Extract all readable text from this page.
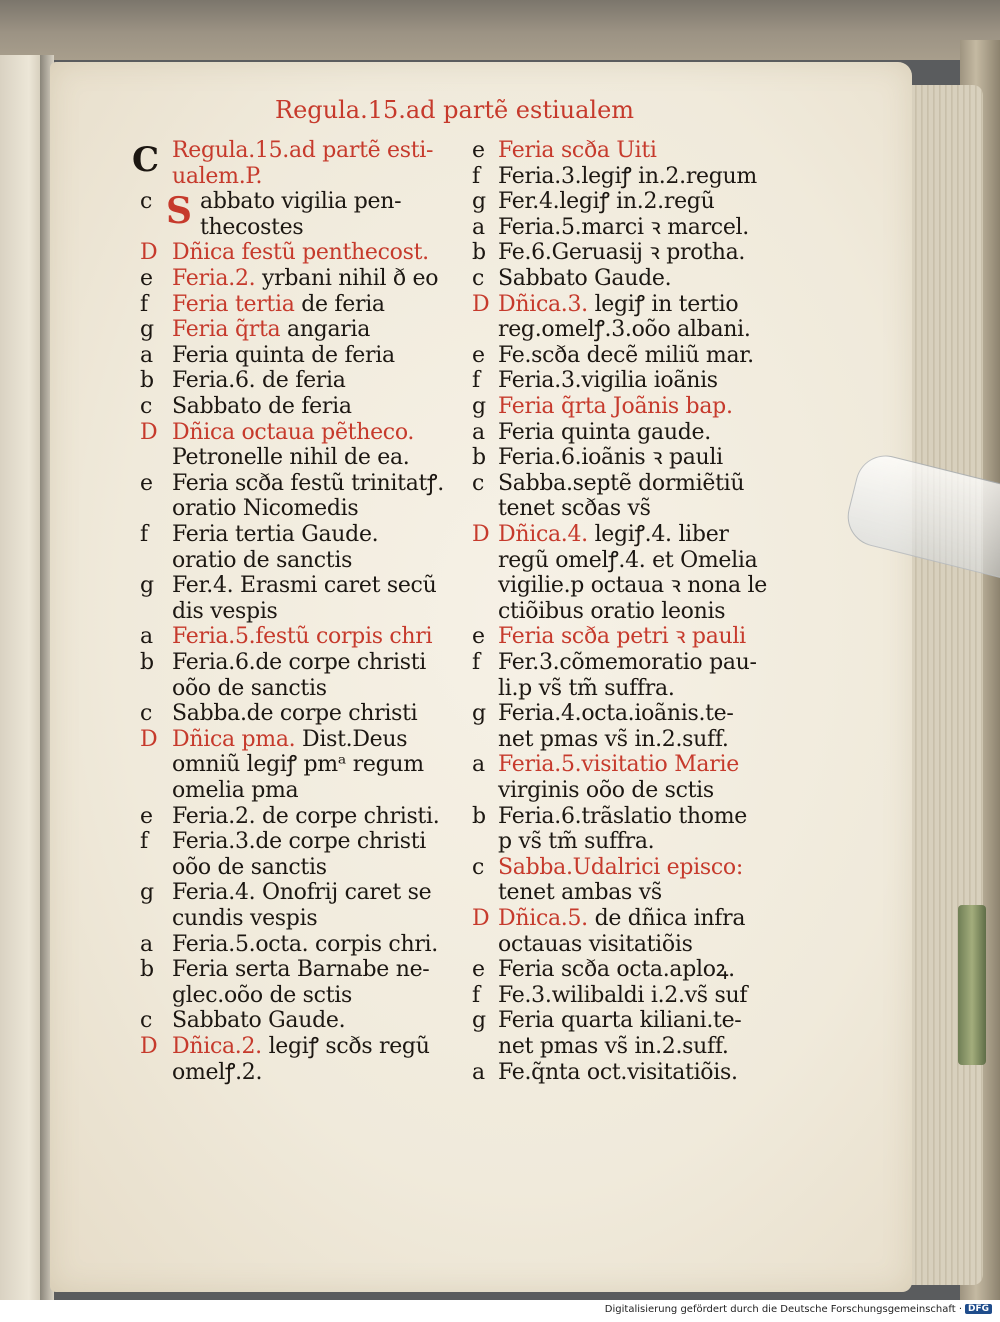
Regula.15.ad partẽ estiualem
C
S
Regula.15.ad partẽ esti-
ualem.P.
c abbato vigilia pen-
thecostes
D Dñica festũ penthecost.
e Feria.2. yrbani nihil ð eo
f Feria tertia de feria
g Feria q̃rta angaria
a Feria quinta de feria
b Feria.6. de feria
c Sabbato de feria
D Dñica octaua pẽtheco.
Petronelle nihil de ea.
e Feria scða festũ trinitatꝭ.
oratio Nicomedis
f Feria tertia Gaude.
oratio de sanctis
g Fer.4. Erasmi caret secũ
dis vespis
a Feria.5.festũ corpis chri
b Feria.6.de corpe christi
oõo de sanctis
c Sabba.de corpe christi
D Dñica pma. Dist.Deus
omniũ legiꝭ pmᵃ regum
omelia pma
e Feria.2. de corpe christi.
f Feria.3.de corpe christi
oõo de sanctis
g Feria.4. Onofrij caret se
cundis vespis
a Feria.5.octa. corpis chri.
b Feria serta Barnabe ne-
glec.oõo de sctis
c Sabbato Gaude.
D Dñica.2. legiꝭ scðs regũ
omelꝭ.2.
e Feria scða Uiti
f Feria.3.legiꝭ in.2.regum
g Fer.4.legiꝭ in.2.regũ
a Feria.5.marci ꝛ marcel.
b Fe.6.Geruasij ꝛ protha.
c Sabbato Gaude.
D Dñica.3. legiꝭ in tertio
reg.omelꝭ.3.oõo albani.
e Fe.scða decẽ miliũ mar.
f Feria.3.vigilia ioãnis
g Feria q̃rta Joãnis bap.
a Feria quinta gaude.
b Feria.6.ioãnis ꝛ pauli
c Sabba.septẽ dormiẽtiũ
tenet scðas vs̃
D Dñica.4. legiꝭ.4. liber
regũ omelꝭ.4. et Omelia
vigilie.p octaua ꝛ nona le
ctiõibus oratio leonis
e Feria scða petri ꝛ pauli
f Fer.3.cõmemoratio pau-
li.p vs̃ tm̃ suffra.
g Feria.4.octa.ioãnis.te-
net pmas vs̃ in.2.suff.
a Feria.5.visitatio Marie
virginis oõo de sctis
b Feria.6.trãslatio thome
p vs̃ tm̃ suffra.
c Sabba.Udalrici episco:
tenet ambas vs̃
D Dñica.5. de dñica infra
octauas visitatiõis
e Feria scða octa.aploꝝ.
f Fe.3.wilibaldi i.2.vs̃ suf
g Feria quarta kiliani.te-
net pmas vs̃ in.2.suff.
a Fe.q̃nta oct.visitatiõis.
Digitalisierung gefördert durch die Deutsche Forschungsgemeinschaft · DFG
